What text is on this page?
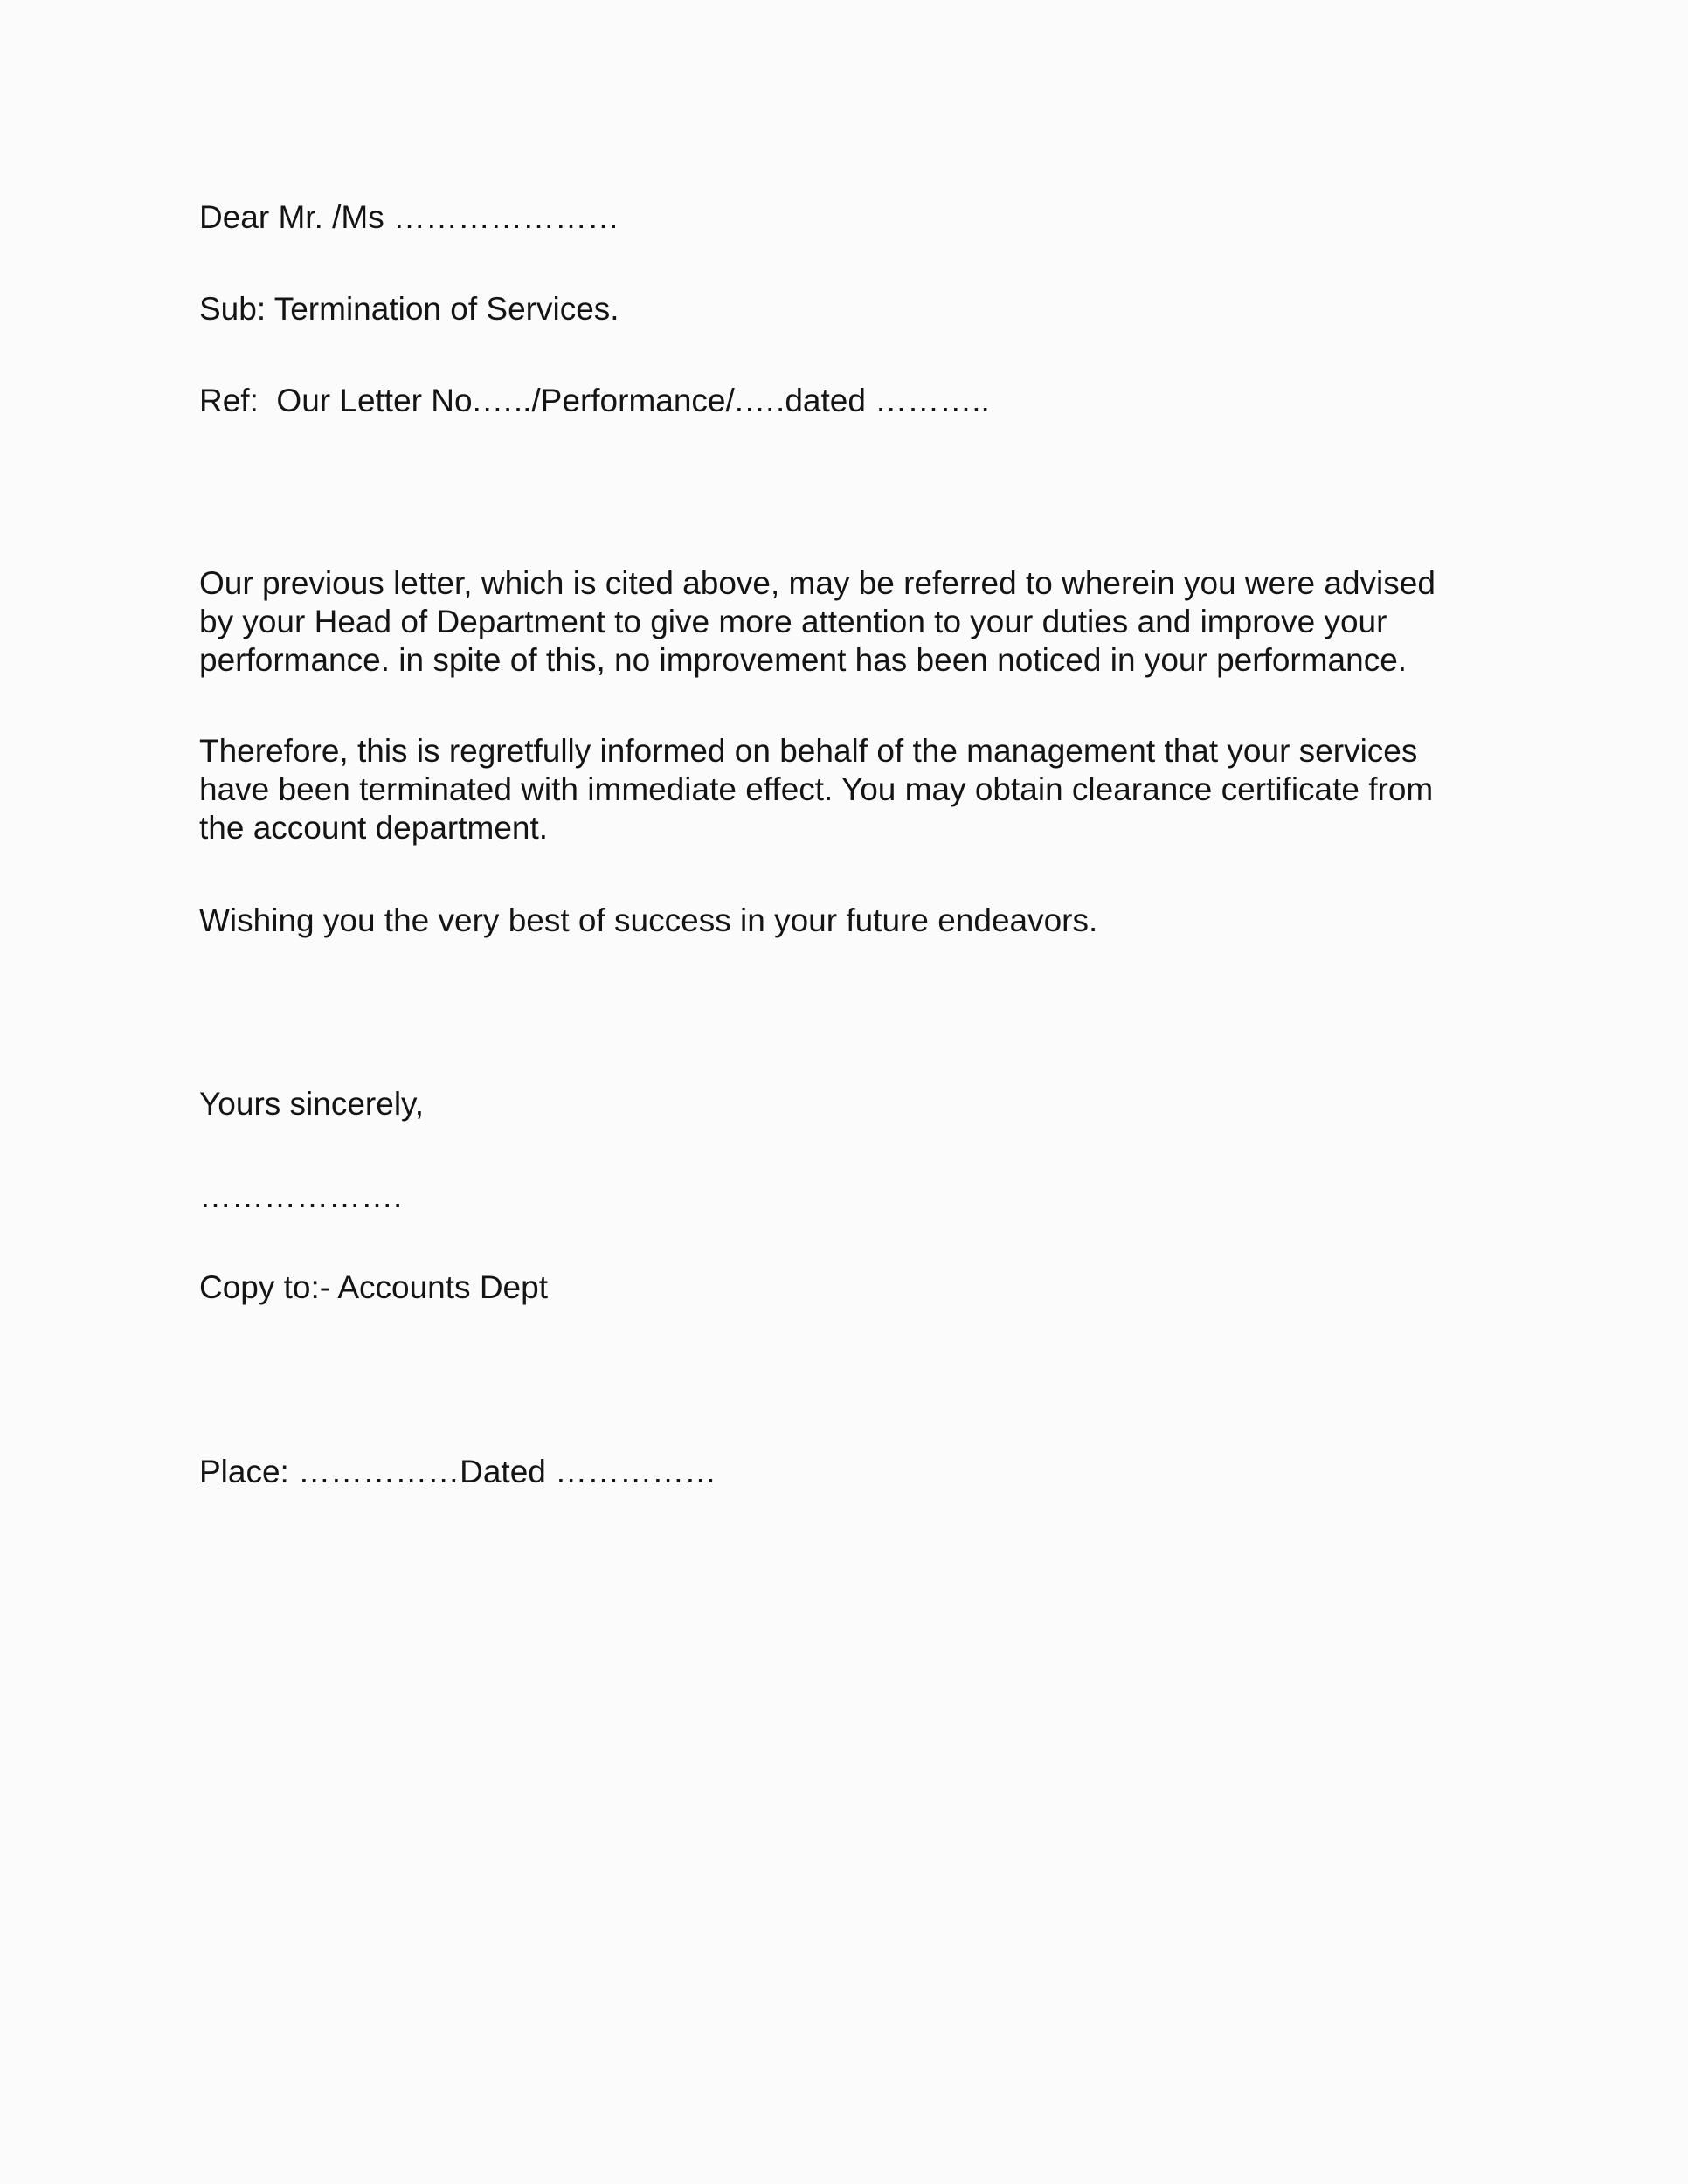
Dear Mr. /Ms …………………

Sub: Termination of Services.

Ref:  Our Letter No.…../Performance/.….dated ………..

Our previous letter, which is cited above, may be referred to wherein you were advised
by your Head of Department to give more attention to your duties and improve your
performance. in spite of this, no improvement has been noticed in your performance.
Therefore, this is regretfully informed on behalf of the management that your services
have been terminated with immediate effect. You may obtain clearance certificate from
the account department.

Wishing you the very best of success in your future endeavors.

Yours sincerely,

……………….

Copy to:- Accounts Dept

Place: ……………Dated ……………
